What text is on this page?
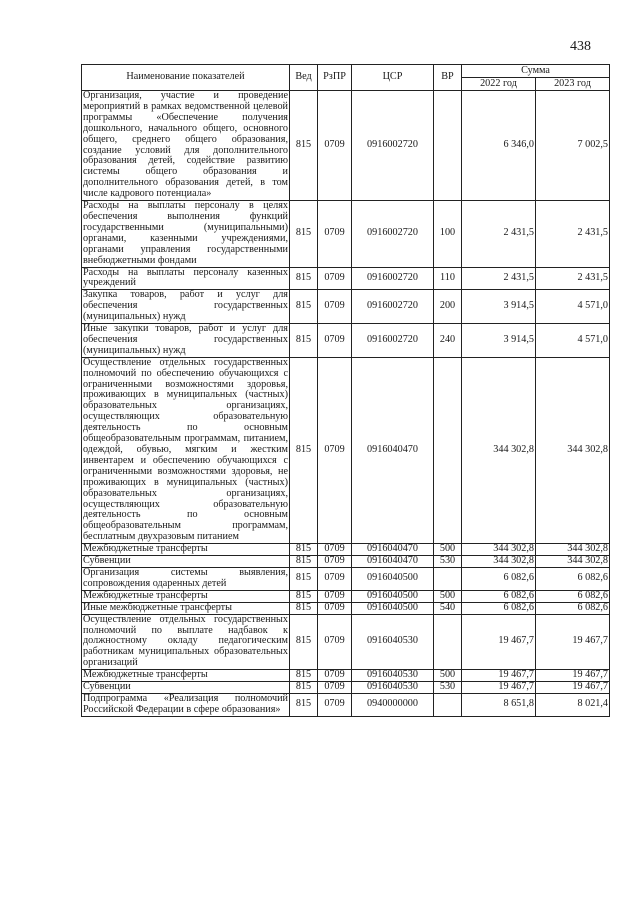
438
Наименование показателей	Вед	РзПР	ЦСР	ВР	Сумма	
					2022 год	2023 год
Организация, участие и проведение мероприятий в рамках ведомственной целевой программы «Обеспечение получения дошкольного, начального общего, основного общего, среднего общего образования, создание условий для дополнительного образования детей, содействие развитию системы общего образования и дополнительного образования детей, в том числе кадрового потенциала»	815	0709	0916002720		6 346,0	7 002,5
Расходы на выплаты персоналу в целях обеспечения выполнения функций государственными (муниципальными) органами, казенными учреждениями, органами управления государственными внебюджетными фондами	815	0709	0916002720	100	2 431,5	2 431,5
Расходы на выплаты персоналу казенных учреждений	815	0709	0916002720	110	2 431,5	2 431,5
Закупка товаров, работ и услуг для обеспечения государственных (муниципальных) нужд	815	0709	0916002720	200	3 914,5	4 571,0
Иные закупки товаров, работ и услуг для обеспечения государственных (муниципальных) нужд	815	0709	0916002720	240	3 914,5	4 571,0
Осуществление отдельных государственных полномочий по обеспечению обучающихся с ограниченными возможностями здоровья, проживающих в муниципальных (частных) образовательных организациях, осуществляющих образовательную деятельность по основным общеобразовательным программам, питанием, одеждой, обувью, мягким и жестким инвентарем и обеспечению обучающихся с ограниченными возможностями здоровья, не проживающих в муниципальных (частных) образовательных организациях, осуществляющих образовательную деятельность по основным общеобразовательным программам, бесплатным двухразовым питанием	815	0709	0916040470		344 302,8	344 302,8
Межбюджетные трансферты	815	0709	0916040470	500	344 302,8	344 302,8
Субвенции	815	0709	0916040470	530	344 302,8	344 302,8
Организация системы выявления, сопровождения одаренных детей	815	0709	0916040500		6 082,6	6 082,6
Межбюджетные трансферты	815	0709	0916040500	500	6 082,6	6 082,6
Иные межбюджетные трансферты	815	0709	0916040500	540	6 082,6	6 082,6
Осуществление отдельных государственных полномочий по выплате надбавок к должностному окладу педагогическим работникам муниципальных образовательных организаций	815	0709	0916040530		19 467,7	19 467,7
Межбюджетные трансферты	815	0709	0916040530	500	19 467,7	19 467,7
Субвенции	815	0709	0916040530	530	19 467,7	19 467,7
Подпрограмма «Реализация полномочий Российской Федерации в сфере образования»	815	0709	0940000000		8 651,8	8 021,4
